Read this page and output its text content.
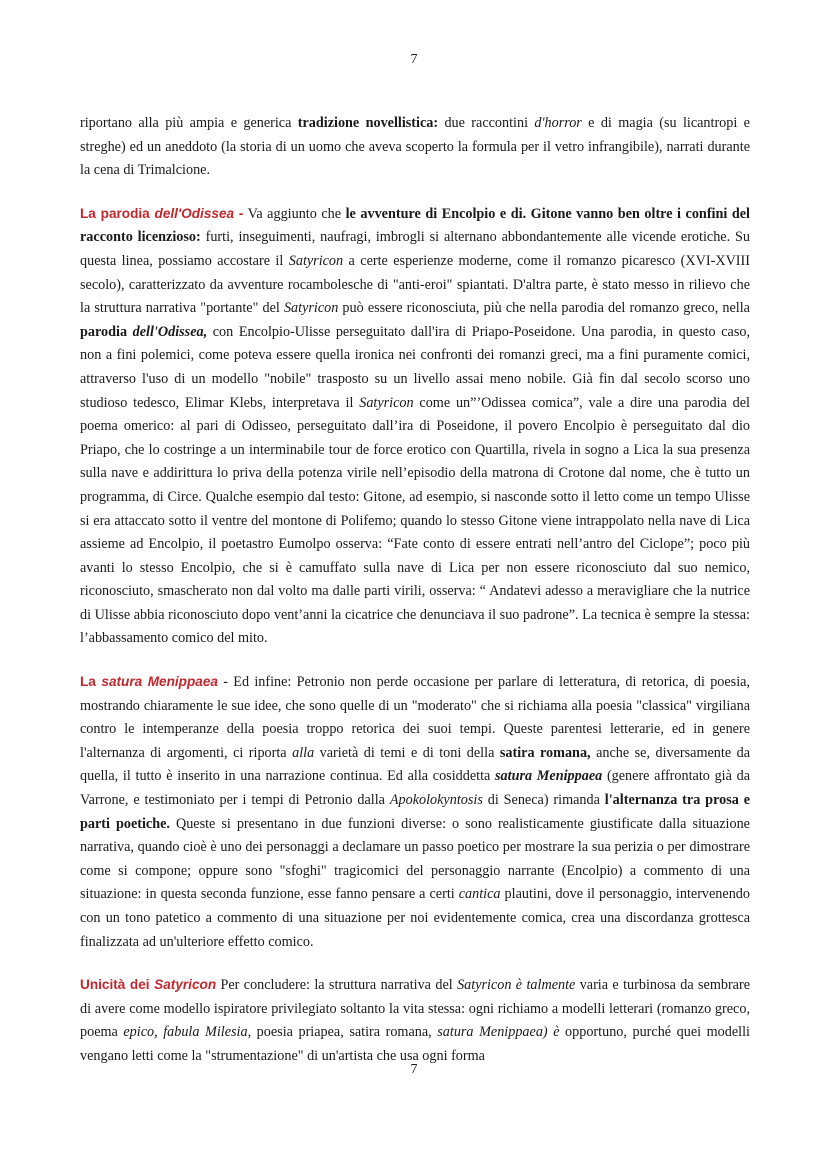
7

riportano alla più ampia e generica tradizione novellistica: due raccontini d'horror e di magia (su licantropi e streghe) ed un aneddoto (la storia di un uomo che aveva scoperto la formula per il vetro infrangibile), narrati durante la cena di Trimalcione.

La parodia dell'Odissea - Va aggiunto che le avventure di Encolpio e di. Gitone vanno ben oltre i confini del racconto licenzioso: furti, inseguimenti, naufragi, imbrogli si alternano abbondantemente alle vicende erotiche. Su questa linea, possiamo accostare il Satyricon a certe esperienze moderne, come il romanzo picaresco (XVI-XVIII secolo), caratterizzato da avventure rocambolesche di "anti-eroi" spiantati. D'altra parte, è stato messo in rilievo che la struttura narrativa "portante" del Satyricon può essere riconosciuta, più che nella parodia del romanzo greco, nella parodia dell'Odissea, con Encolpio-Ulisse perseguitato dall'ira di Priapo-Poseidone. Una parodia, in questo caso, non a fini polemici, come poteva essere quella ironica nei confronti dei romanzi greci, ma a fini puramente comici, attraverso l'uso di un modello "nobile" trasposto su un livello assai meno nobile. Già fin dal secolo scorso uno studioso tedesco, Elimar Klebs, interpretava il Satyricon come un”’Odissea comica”, vale a dire una parodia del poema omerico: al pari di Odisseo, perseguitato dall’ira di Poseidone, il povero Encolpio è perseguitato dal dio Priapo, che lo costringe a un interminabile tour de force erotico con Quartilla, rivela in sogno a Lica la sua presenza sulla nave e addirittura lo priva della potenza virile nell’episodio della matrona di Crotone dal nome, che è tutto un programma, di Circe. Qualche esempio dal testo: Gitone, ad esempio, si nasconde sotto il letto come un tempo Ulisse si era attaccato sotto il ventre del montone di Polifemo; quando lo stesso Gitone viene intrappolato nella nave di Lica assieme ad Encolpio, il poetastro Eumolpo osserva: “Fate conto di essere entrati nell’antro del Ciclope”; poco più avanti lo stesso Encolpio, che si è camuffato sulla nave di Lica per non essere riconosciuto dal suo nemico, riconosciuto, smascherato non dal volto ma dalle parti virili, osserva: “ Andatevi adesso a meravigliare che la nutrice di Ulisse abbia riconosciuto dopo vent’anni la cicatrice che denunciava il suo padrone”. La tecnica è sempre la stessa: l’abbassamento comico del mito.

La satura Menippaea - Ed infine: Petronio non perde occasione per parlare di letteratura, di retorica, di poesia, mostrando chiaramente le sue idee, che sono quelle di un "moderato" che si richiama alla poesia "classica" virgiliana contro le intemperanze della poesia troppo retorica dei suoi tempi. Queste parentesi letterarie, ed in genere l'alternanza di argomenti, ci riporta alla varietà di temi e di toni della satira romana, anche se, diversamente da quella, il tutto è inserito in una narrazione continua. Ed alla cosiddetta satura Menippaea (genere affrontato già da Varrone, e testimoniato per i tempi di Petronio dalla Apokolokyntosis di Seneca) rimanda l'alternanza tra prosa e parti poetiche. Queste si presentano in due funzioni diverse: o sono realisticamente giustificate dalla situazione narrativa, quando cioè è uno dei personaggi a declamare un passo poetico per mostrare la sua perizia o per dimostrare come si compone; oppure sono "sfoghi" tragicomici del personaggio narrante (Encolpio) a commento di una situazione: in questa seconda funzione, esse fanno pensare a certi cantica plautini, dove il personaggio, intervenendo con un tono patetico a commento di una situazione per noi evidentemente comica, crea una discordanza grottesca finalizzata ad un'ulteriore effetto comico.

Unicità dei Satyricon Per concludere: la struttura narrativa del Satyricon è talmente varia e turbinosa da sembrare di avere come modello ispiratore privilegiato soltanto la vita stessa: ogni richiamo a modelli letterari (romanzo greco, poema epico, fabula Milesia, poesia priapea, satira romana, satura Menippaea) è opportuno, purché quei modelli vengano letti come la "strumentazione" di un'artista che usa ogni forma

7
